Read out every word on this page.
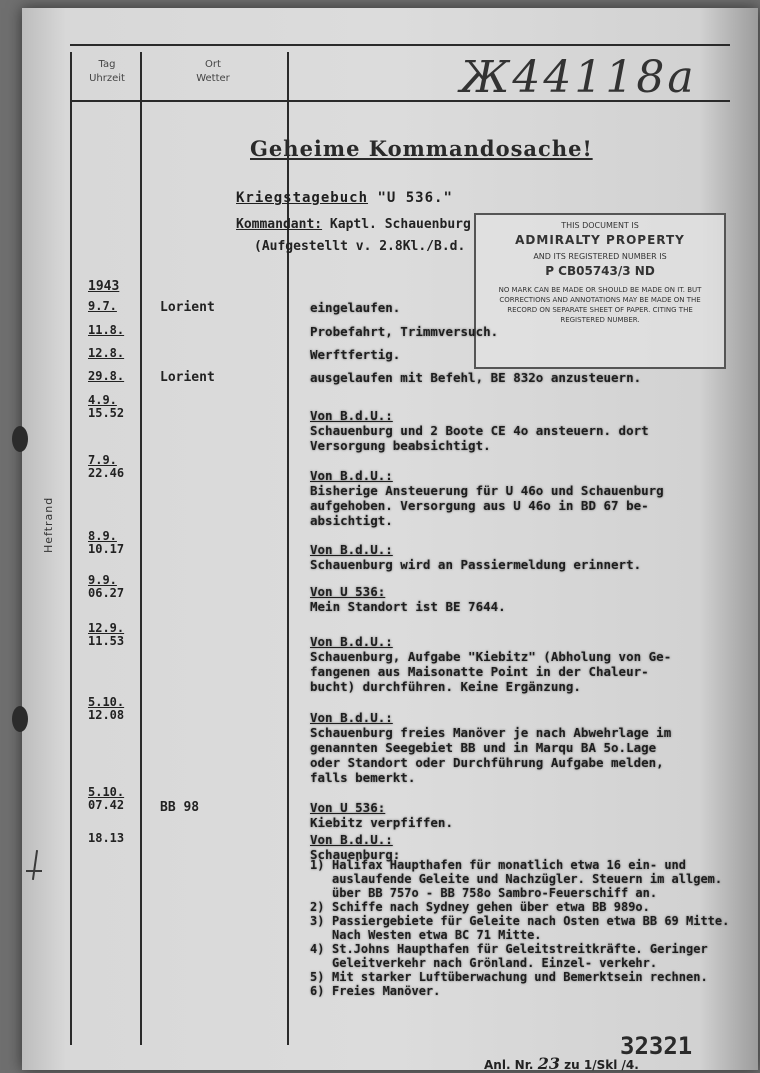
Tag
Uhrzeit
Ort
Wetter	Ж44118а
Heftrand
Geheime Kommandosache!
Kriegstagebuch "U 536."
Kommandant: Kaptl. Schauenburg
(Aufgestellt v. 2.8Kl./B.d.
THIS DOCUMENT IS
ADMIRALTY PROPERTY
AND ITS REGISTERED NUMBER IS
P CB05743/3 ND
NO MARK CAN BE MADE OR SHOULD BE MADE ON IT. BUT CORRECTIONS AND ANNOTATIONS MAY BE MADE ON THE RECORD ON SEPARATE SHEET OF PAPER. CITING THE REGISTERED NUMBER.
1943
9.7.	Lorient	eingelaufen.
11.8.	Probefahrt, Trimmversuch.
12.8.	Werftfertig.
29.8.	Lorient	ausgelaufen mit Befehl, BE 832o anzusteuern.
4.9.
15.52	Von B.d.U.:
Schauenburg und 2 Boote CE 4o ansteuern. dort
Versorgung beabsichtigt.
7.9.
22.46	Von B.d.U.:
Bisherige Ansteuerung für U 46o und Schauenburg
aufgehoben. Versorgung aus U 46o in BD 67 be-
absichtigt.
8.9.
10.17	Von B.d.U.:
Schauenburg wird an Passiermeldung erinnert.
9.9.
06.27	Von U 536:
Mein Standort ist BE 7644.
12.9.
11.53	Von B.d.U.:
Schauenburg, Aufgabe "Kiebitz" (Abholung von Ge-
fangenen aus Maisonatte Point in der Chaleur-
bucht) durchführen. Keine Ergänzung.
5.10.
12.08	Von B.d.U.:
Schauenburg freies Manöver je nach Abwehrlage im
genannten Seegebiet BB und in Marqu BA 5o.Lage
oder Standort oder Durchführung Aufgabe melden,
falls bemerkt.
5.10.
07.42	BB 98	Von U 536:
Kiebitz verpfiffen.
18.13	Von B.d.U.:
Schauenburg:
1) Halifax Haupthafen für monatlich etwa 16 ein- und auslaufende Geleite und Nachzügler. Steuern im allgem. über BB 757o - BB 758o Sambro-Feuerschiff an.
2) Schiffe nach Sydney gehen über etwa BB 989o.
3) Passiergebiete für Geleite nach Osten etwa BB 69 Mitte. Nach Westen etwa BC 71 Mitte.
4) St.Johns Haupthafen für Geleitstreitkräfte. Geringer Geleitverkehr nach Grönland. Einzel- verkehr.
5) Mit starker Luftüberwachung und Bemerktsein rechnen.
6) Freies Manöver.
32321
Anl. Nr. 23 zu 1/Skl /4.
